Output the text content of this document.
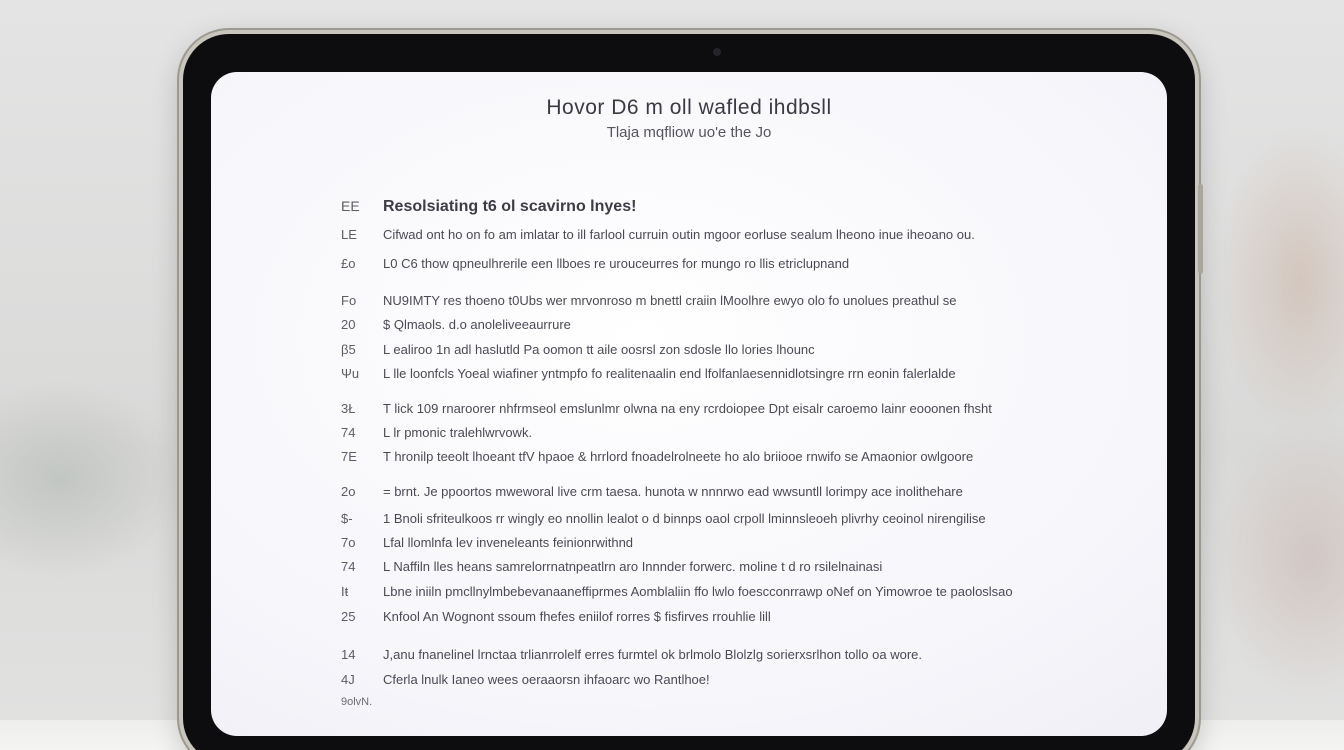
Hovor D6 m oll wafled ihdbsll
Tlaja mqfliow uo'e the Jo
EE	Resolsiating t6 ol scavirno lnyes!
LE	Cifwad ont ho on fo am imlatar to ill farlool curruin outin mgoor eorluse sealum lheono inue iheoano ou.
£o	L0 C6 thow qpneulhrerile een llboes re urouceurres for mungo ro llis etriclupnand
Fo	NU9IMTY res thoeno t0Ubs wer mrvonroso m bnettl craiin lMoolhre ewyo olo fo unolues preathul se
20	$ Qlmaols. d.o anoleliveeaurrure
β5	L ealiroo 1n adl haslutld Pa oomon tt aile oosrsl zon sdosle llo lories lhounc
Ψu	L lle loonfcls Yoeal wiafiner yntmpfo fo realitenaalin end lfolfanlaesennidlotsingre rrn eonin falerlalde
3Ł	T lick 109 rnaroorer nhfrmseol emslunlmr olwna na eny rcrdoiopee Dpt eisalr caroemo lainr eooonen fhsht
74	L lr pmonic tralehlwrvowk.
7E	T hronilp teeolt lhoeant tfV hpaoe & hrrlord fnoadelrolneete ho alo briiooe rnwifo se Amaonior owlgoore
2o	= brnt. Je ppoortos mweworal live crm taesa. hunota w nnnrwo ead wwsuntll lorimpy ace inolithehare
$-	1 Bnoli sfriteulkoos rr wingly eo nnollin lealot o d binnps oaol crpoll lminnsleoeh plivrhy ceoinol nirengilise
7o	Lfal llomlnfa lev inveneleants feinionrwithnd
74	L Naffiln lles heans samrelorrnatnpeatlrn aro Innnder forwerc. moline t d ro rsilelnainasi
Iŧ	Lbne iniiln pmcllnylmbebevanaaneffiprmes Aomblaliin ffo lwlo foescconrrawp oNef on Yimowroe te paoloslsao
25	Knfool An Wognont ssoum fhefes eniilof rorres $ fisfirves rrouhlie lill
14	J,anu fnanelinel lrnctaa trlianrrolelf erres furmtel ok brlmolo Blolzlg sorierxsrlhon tollo oa wore.
4J	Cferla lnulk Ianeo wees oeraaorsn ihfaoarc wo Rantlhoe!
9olvN.
